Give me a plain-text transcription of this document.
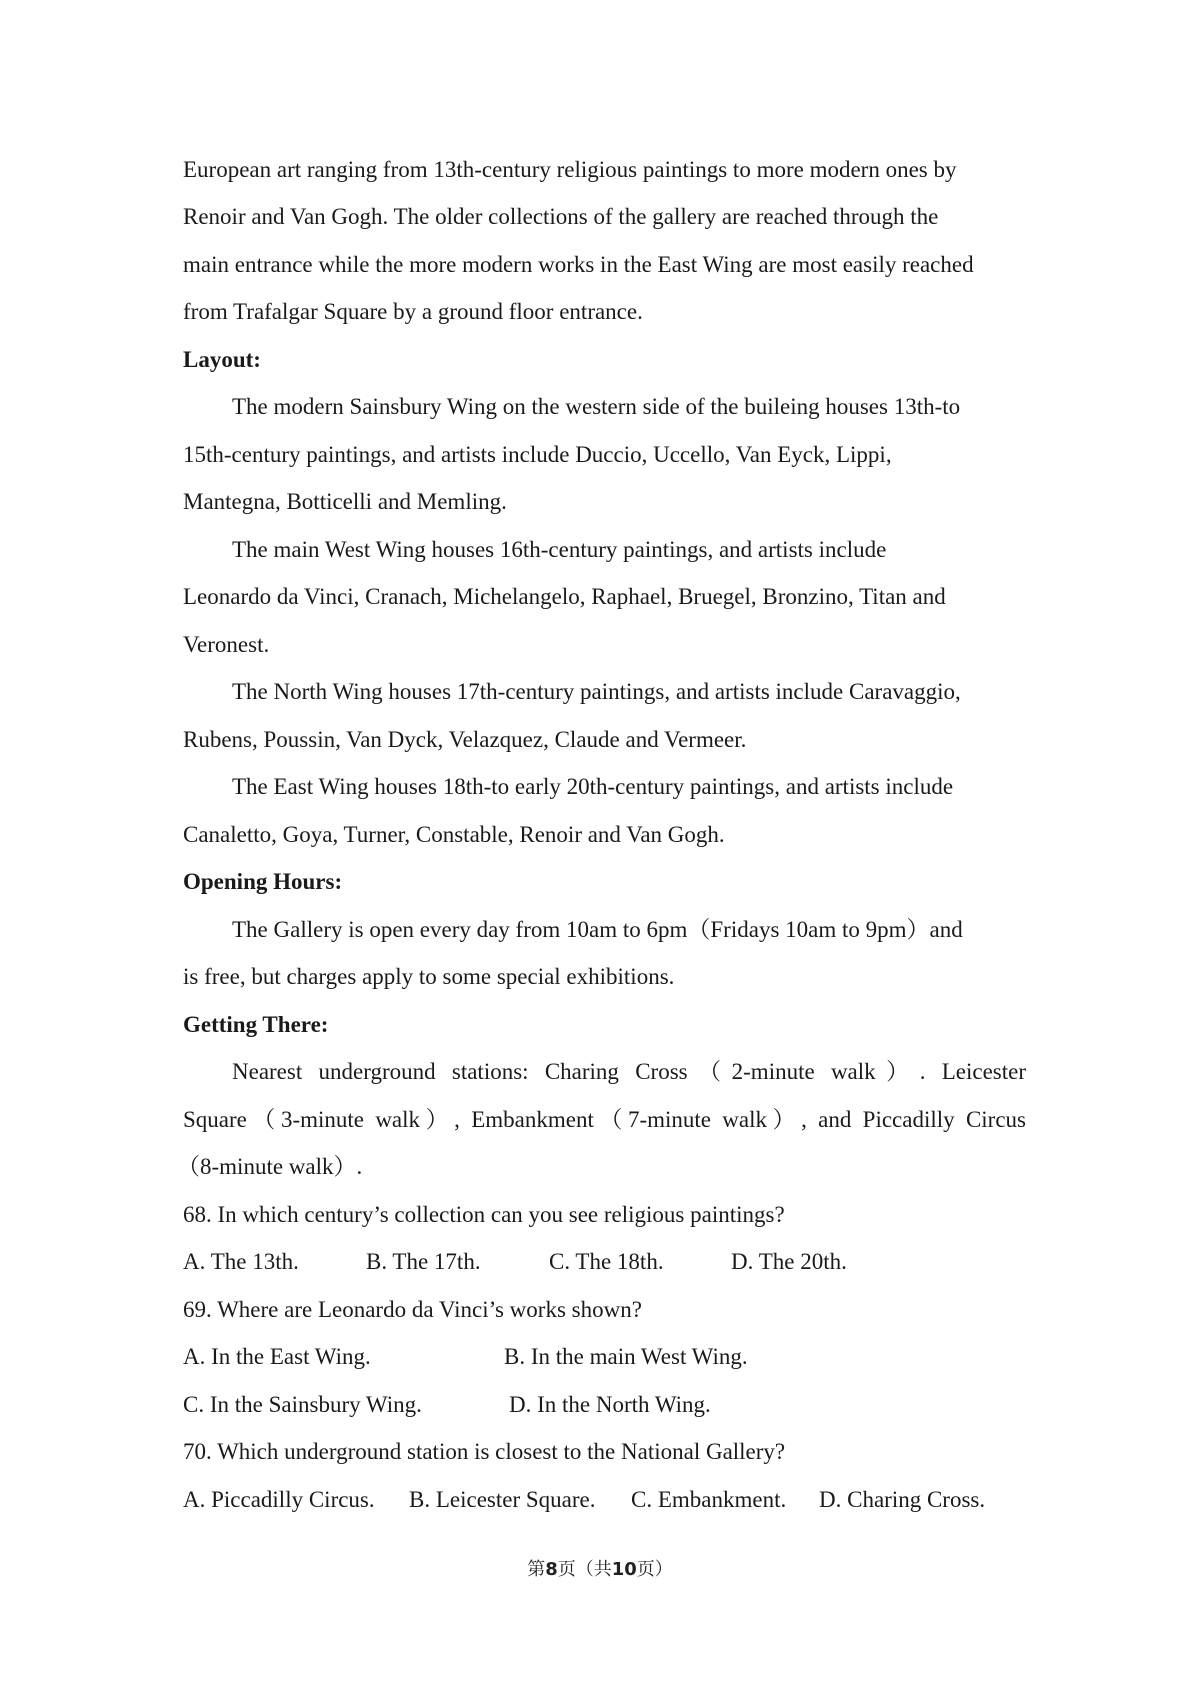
European art ranging from 13th-century religious paintings to more modern ones by
Renoir and Van Gogh. The older collections of the gallery are reached through the
main entrance while the more modern works in the East Wing are most easily reached
from Trafalgar Square by a ground floor entrance.
Layout:
The modern Sainsbury Wing on the western side of the buileing houses 13th-to
15th-century paintings, and artists include Duccio, Uccello, Van Eyck, Lippi,
Mantegna, Botticelli and Memling.
The main West Wing houses 16th-century paintings, and artists include
Leonardo da Vinci, Cranach, Michelangelo, Raphael, Bruegel, Bronzino, Titan and
Veronest.
The North Wing houses 17th-century paintings, and artists include Caravaggio,
Rubens, Poussin, Van Dyck, Velazquez, Claude and Vermeer.
The East Wing houses 18th-to early 20th-century paintings, and artists include
Canaletto, Goya, Turner, Constable, Renoir and Van Gogh.
Opening Hours:
The Gallery is open every day from 10am to 6pm（Fridays 10am to 9pm）and
is free, but charges apply to some special exhibitions.
Getting There:
Nearest underground stations: Charing Cross（2-minute walk）. Leicester
Square（3-minute walk）, Embankment（7-minute walk）, and Piccadilly Circus
（8-minute walk）.
68. In which century’s collection can you see religious paintings?
A. The 13th.	B. The 17th.	C. The 18th.	D. The 20th.
69. Where are Leonardo da Vinci’s works shown?
A. In the East Wing.	B. In the main West Wing.
C. In the Sainsbury Wing.	D. In the North Wing.
70. Which underground station is closest to the National Gallery?
A. Piccadilly Circus. B. Leicester Square. C. Embankment. D. Charing Cross.
第8页（共10页）
